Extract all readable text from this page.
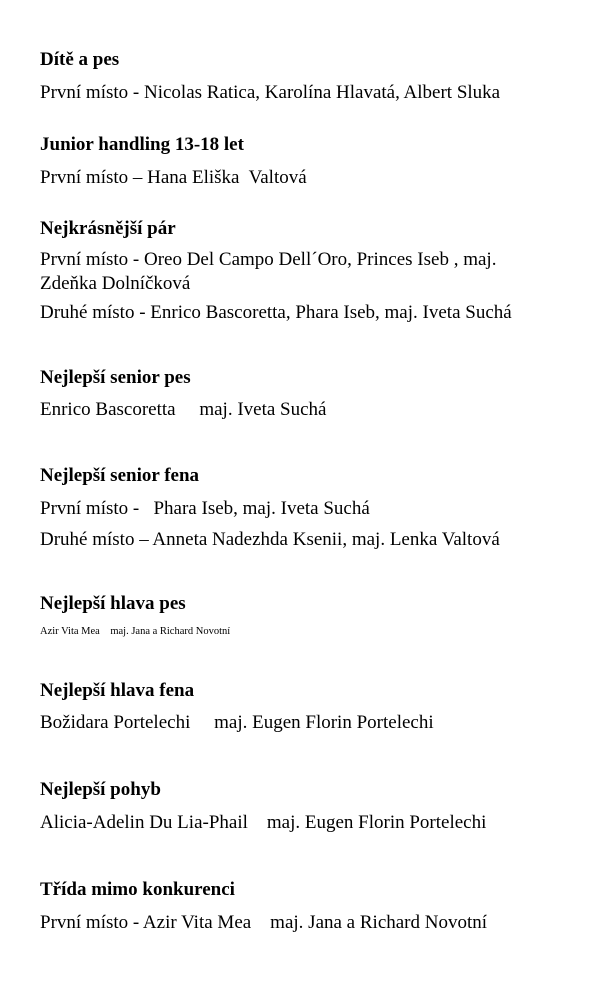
Dítě a pes
První místo - Nicolas Ratica, Karolína Hlavatá, Albert Sluka
Junior handling 13-18 let
První místo – Hana Eliška  Valtová
Nejkrásnější pár
První místo - Oreo Del Campo Dell´Oro, Princes Iseb , maj.
Zdeňka Dolníčková
Druhé místo - Enrico Bascoretta, Phara Iseb, maj. Iveta Suchá
Nejlepší senior pes
Enrico Bascoretta     maj. Iveta Suchá
Nejlepší senior fena
První místo -   Phara Iseb, maj. Iveta Suchá
Druhé místo – Anneta Nadezhda Ksenii, maj. Lenka Valtová
Nejlepší hlava pes
Azir Vita Mea    maj. Jana a Richard Novotní
Nejlepší hlava fena
Božidara Portelechi     maj. Eugen Florin Portelechi
Nejlepší pohyb
Alicia-Adelin Du Lia-Phail    maj. Eugen Florin Portelechi
Třída mimo konkurenci
První místo - Azir Vita Mea    maj. Jana a Richard Novotní
